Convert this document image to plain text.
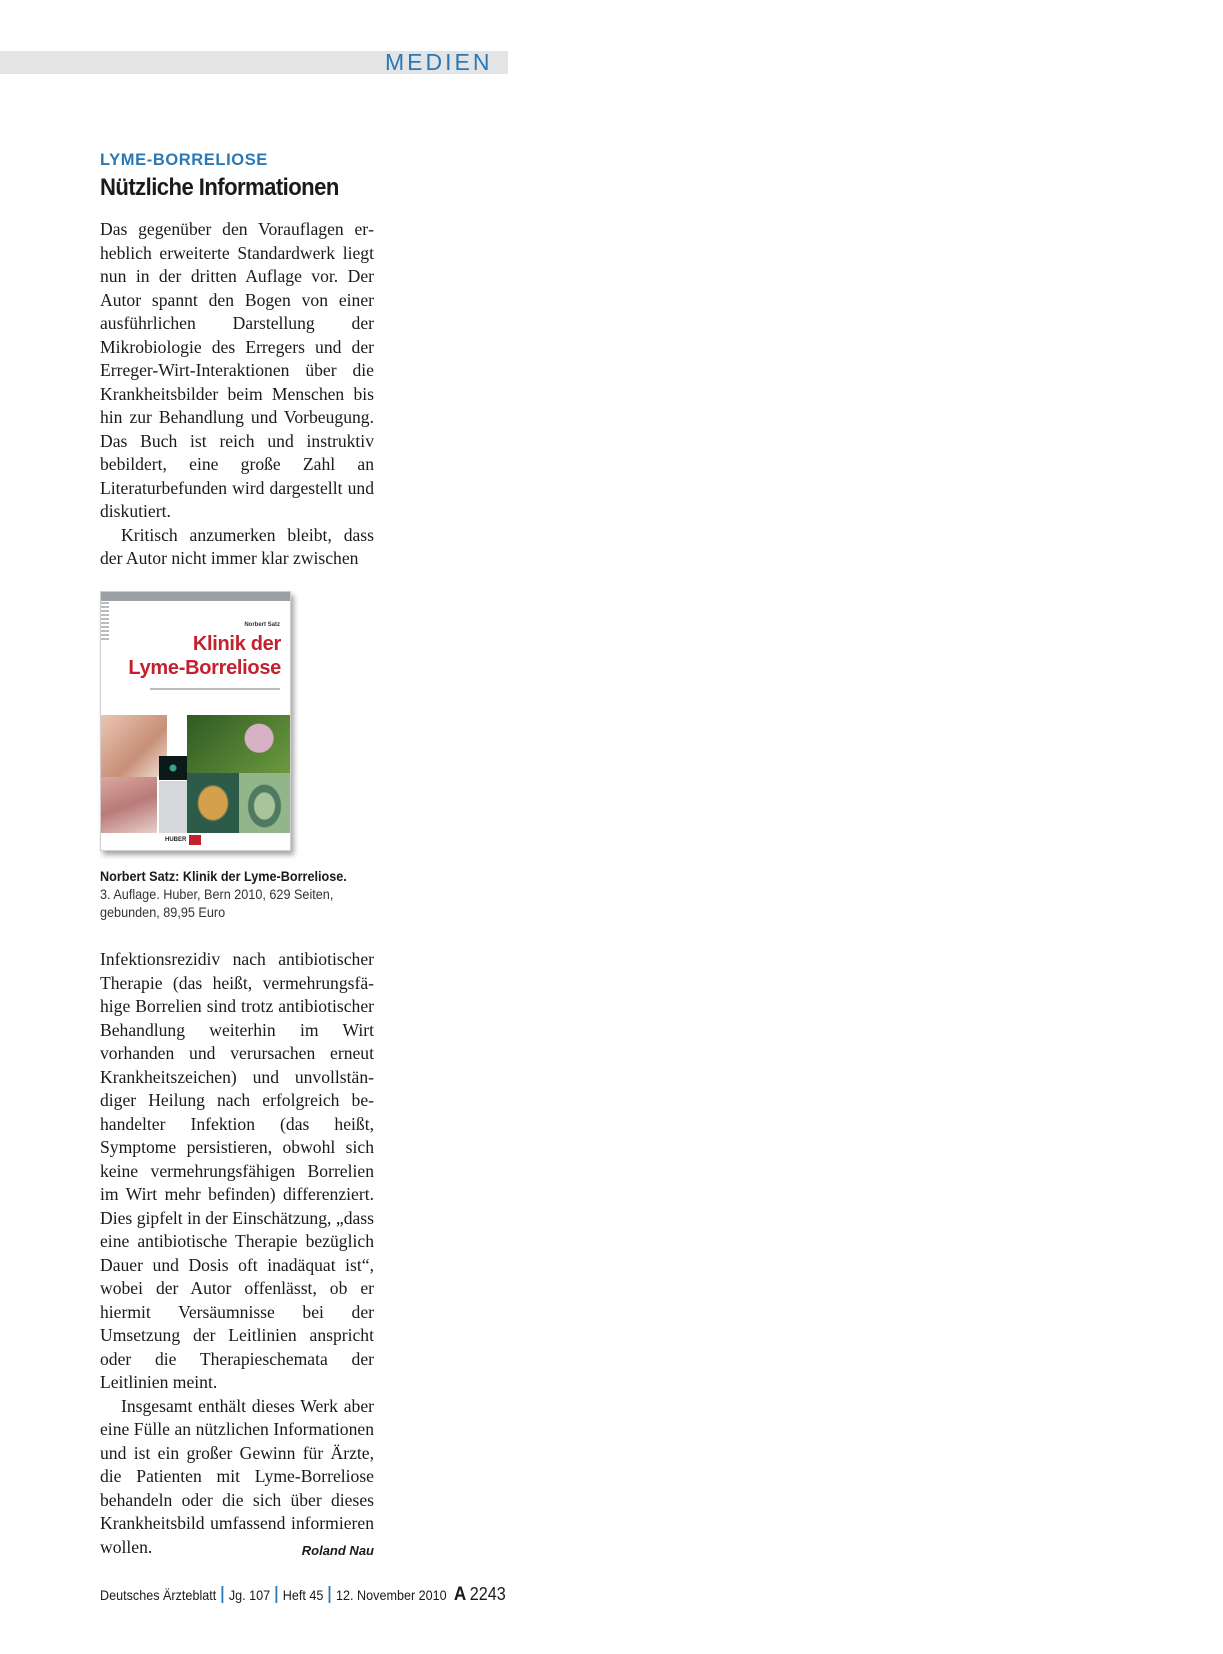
MEDIEN
LYME-BORRELIOSE
Nützliche Informationen

Das gegenüber den Vorauflagen erheblich erweiterte Standardwerk liegt nun in der dritten Auflage vor. Der Autor spannt den Bogen von einer ausführlichen Darstellung der Mikrobiologie des Erregers und der Erreger-Wirt-Interaktionen über die Krankheitsbilder beim Menschen bis hin zur Behandlung und Vorbeugung. Das Buch ist reich und instruktiv bebildert, eine große Zahl an Literaturbefunden wird dargestellt und diskutiert.

Kritisch anzumerken bleibt, dass der Autor nicht immer klar zwischen

Norbert Satz
Klinik der
Lyme-Borreliose
HUBER
Norbert Satz: Klinik der Lyme-Borreliose.
3. Auflage. Huber, Bern 2010, 629 Seiten,
gebunden, 89,95 Euro

Infektionsrezidiv nach antibiotischer Therapie (das heißt, vermehrungsfähige Borrelien sind trotz antibiotischer Behandlung weiterhin im Wirt vorhanden und verursachen erneut Krankheitszeichen) und unvollständiger Heilung nach erfolgreich behandelter Infektion (das heißt, Symptome persistieren, obwohl sich keine vermehrungsfähigen Borrelien im Wirt mehr befinden) differenziert. Dies gipfelt in der Einschätzung, „dass eine antibiotische Therapie bezüglich Dauer und Dosis oft inadäquat ist“, wobei der Autor offenlässt, ob er hiermit Versäumnisse bei der Umsetzung der Leitlinien anspricht oder die Therapieschemata der Leitlinien meint.

Insgesamt enthält dieses Werk aber eine Fülle an nützlichen Informationen und ist ein großer Gewinn für Ärzte, die Patienten mit Lyme-Borreliose behandeln oder die sich über dieses Krankheitsbild umfassend informieren wollen.	Roland Nau

Deutsches Ärzteblatt Jg. 107 Heft 45 12. November 2010 A 2243
